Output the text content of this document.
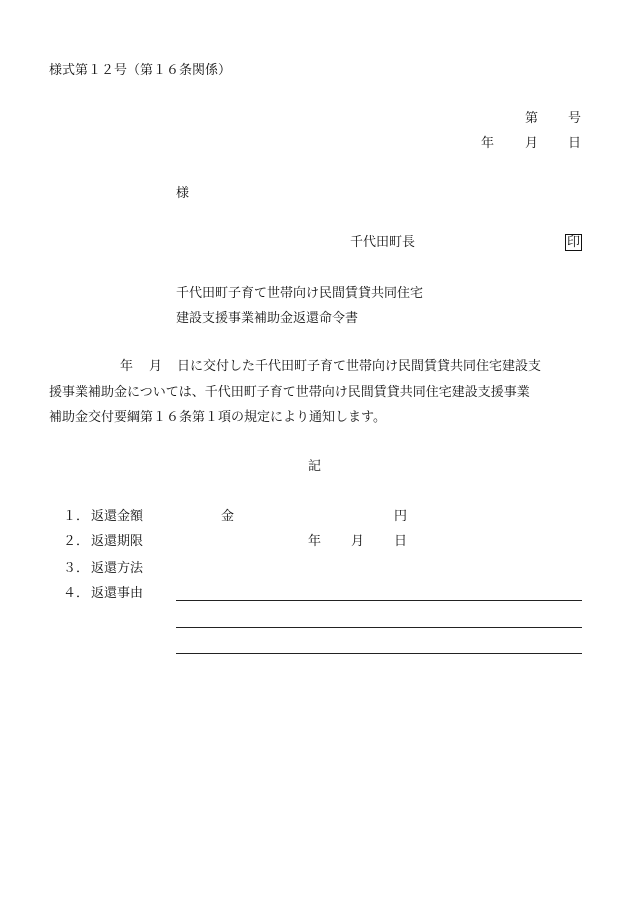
様式第１２号（第１６条関係）
第 号
年 月 日
様
千代田町長	印
千代田町子育て世帯向け民間賃貸共同住宅
建設支援事業補助金返還命令書
年 月 日に交付した千代田町子育て世帯向け民間賃貸共同住宅建設支
援事業補助金については、千代田町子育て世帯向け民間賃貸共同住宅建設支援事業
補助金交付要綱第１６条第１項の規定により通知します。
記
１． 返還金額	金	円
２． 返還期限	年 月 日
３． 返還方法
４． 返還事由
